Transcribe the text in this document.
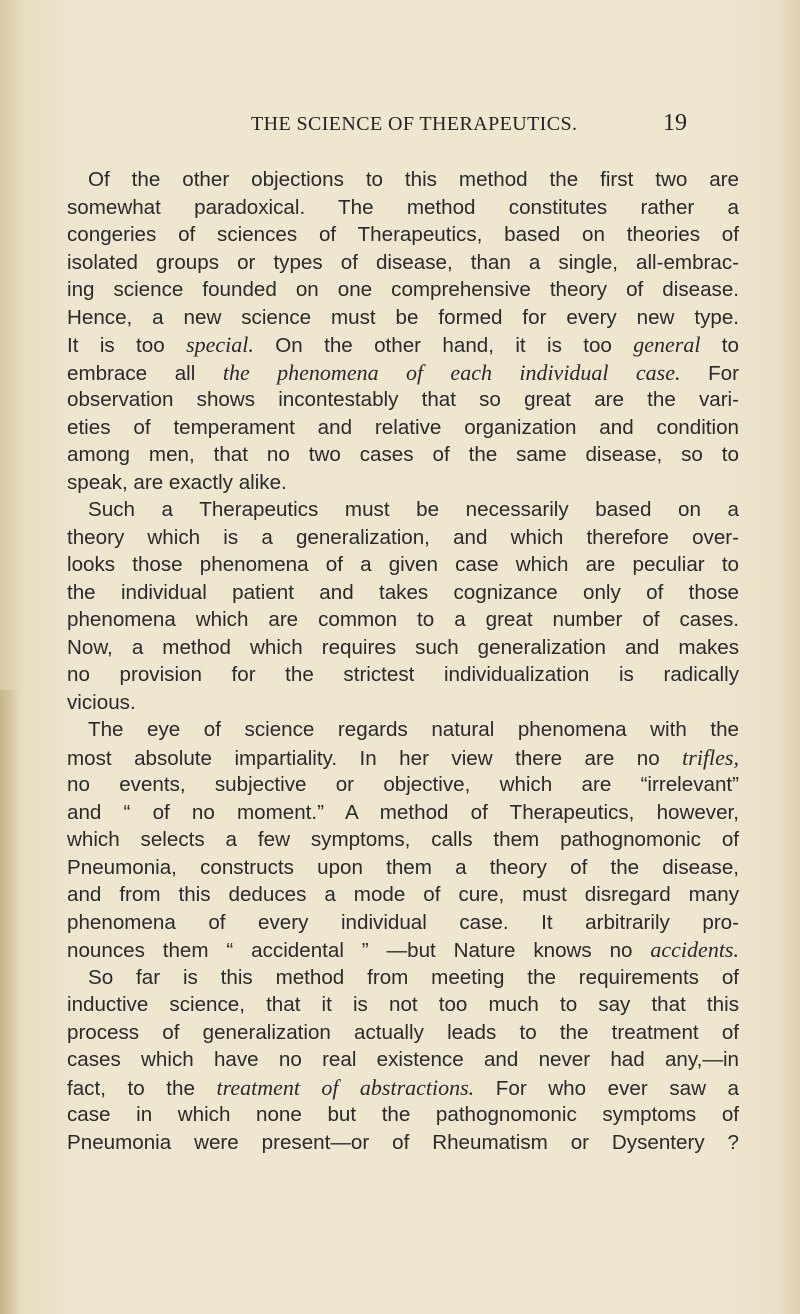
THE SCIENCE OF THERAPEUTICS.	19
Of the other objections to this method the first two are
somewhat paradoxical. The method constitutes rather a
congeries of sciences of Therapeutics, based on theories of
isolated groups or types of disease, than a single, all-embrac-
ing science founded on one comprehensive theory of disease.
Hence, a new science must be formed for every new type.
It is too special. On the other hand, it is too general to
embrace all the phenomena of each individual case. For
observation shows incontestably that so great are the vari-
eties of temperament and relative organization and condition
among men, that no two cases of the same disease, so to
speak, are exactly alike.
Such a Therapeutics must be necessarily based on a
theory which is a generalization, and which therefore over-
looks those phenomena of a given case which are peculiar to
the individual patient and takes cognizance only of those
phenomena which are common to a great number of cases.
Now, a method which requires such generalization and makes
no provision for the strictest individualization is radically
vicious.
The eye of science regards natural phenomena with the
most absolute impartiality. In her view there are no trifles,
no events, subjective or objective, which are “irrelevant”
and “ of no moment.” A method of Therapeutics, however,
which selects a few symptoms, calls them pathognomonic of
Pneumonia, constructs upon them a theory of the disease,
and from this deduces a mode of cure, must disregard many
phenomena of every individual case. It arbitrarily pro-
nounces them “ accidental ” —but Nature knows no accidents.
So far is this method from meeting the requirements of
inductive science, that it is not too much to say that this
process of generalization actually leads to the treatment of
cases which have no real existence and never had any,—in
fact, to the treatment of abstractions. For who ever saw a
case in which none but the pathognomonic symptoms of
Pneumonia were present—or of Rheumatism or Dysentery ?
